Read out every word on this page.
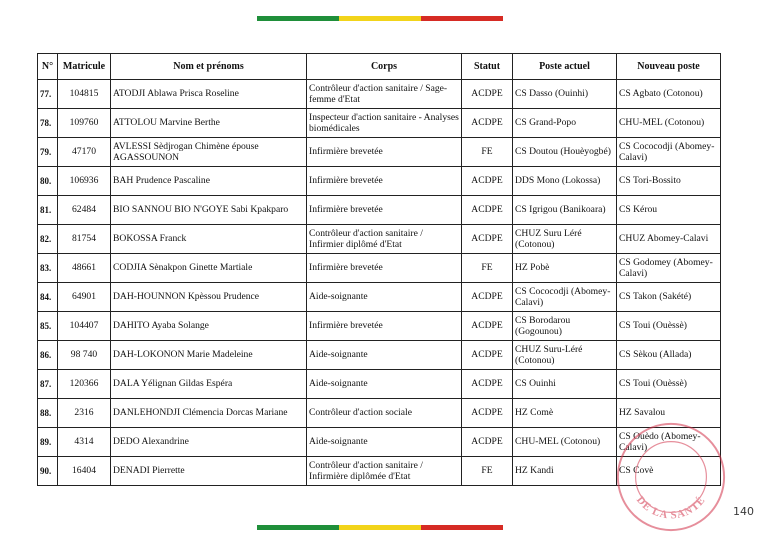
N°	Matricule	Nom et prénoms	Corps	Statut	Poste actuel	Nouveau poste
77.	104815	ATODJI Ablawa Prisca Roseline	Contrôleur d'action sanitaire / Sage-femme d'Etat	ACDPE	CS Dasso (Ouinhi)	CS Agbato (Cotonou)
78.	109760	ATTOLOU Marvine Berthe	Inspecteur d'action sanitaire - Analyses biomédicales	ACDPE	CS Grand-Popo	CHU-MEL (Cotonou)
79.	47170	AVLESSI Sèdjrogan Chimène épouse AGASSOUNON	Infirmière brevetée	FE	CS Doutou (Houèyogbé)	CS Cococodji (Abomey-Calavi)
80.	106936	BAH Prudence Pascaline	Infirmière brevetée	ACDPE	DDS Mono (Lokossa)	CS Tori-Bossito
81.	62484	BIO SANNOU BIO N'GOYE Sabi Kpakparo	Infirmière brevetée	ACDPE	CS Igrigou (Banikoara)	CS Kérou
82.	81754	BOKOSSA Franck	Contrôleur d'action sanitaire / Infirmier diplômé d'Etat	ACDPE	CHUZ Suru Léré (Cotonou)	CHUZ Abomey-Calavi
83.	48661	CODJIA Sènakpon Ginette Martiale	Infirmière brevetée	FE	HZ Pobè	CS Godomey (Abomey-Calavi)
84.	64901	DAH-HOUNNON Kpèssou Prudence	Aide-soignante	ACDPE	CS Cococodji (Abomey-Calavi)	CS Takon (Sakété)
85.	104407	DAHITO Ayaba Solange	Infirmière brevetée	ACDPE	CS Borodarou (Gogounou)	CS Toui (Ouèssè)
86.	98 740	DAH-LOKONON Marie Madeleine	Aide-soignante	ACDPE	CHUZ Suru-Léré (Cotonou)	CS Sèkou (Allada)
87.	120366	DALA Yélignan Gildas Espéra	Aide-soignante	ACDPE	CS Ouinhi	CS Toui (Ouèssè)
88.	2316	DANLEHONDJI Clémencia Dorcas Mariane	Contrôleur d'action sociale	ACDPE	HZ Comè	HZ Savalou
89.	4314	DEDO Alexandrine	Aide-soignante	ACDPE	CHU-MEL (Cotonou)	CS Ouèdo (Abomey-Calavi)
90.	16404	DENADI Pierrette	Contrôleur d'action sanitaire / Infirmière diplômée d'Etat	FE	HZ Kandi	CS Covè
DE LA SANTÉ
140
